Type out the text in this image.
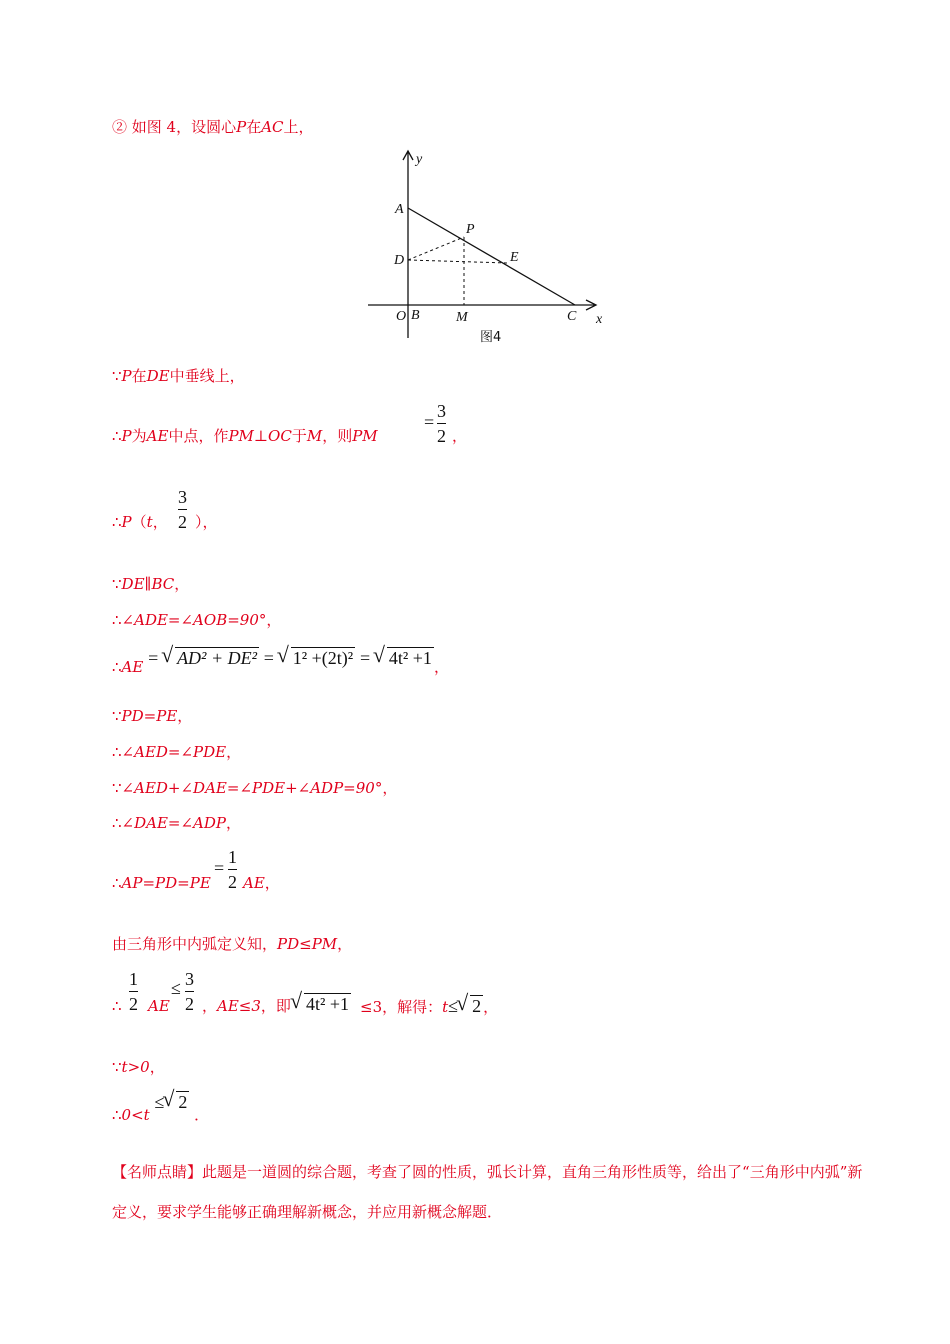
② 如图 4，设圆心P在AC上，
y
x
A
P
D	E
O B	M	C
图4
∵P在DE中垂线上，
∴P为AE中点，作PM⊥OC于M，则PM
=
3
2 ，
∴P（t，
3
2 ），
∵DE∥BC，
∴∠ADE=∠AOB=90°，
∴AE = √ AD² + DE² = √ 1² +(2t)² = √ 4t² +1 ，
∵PD=PE，
∴∠AED=∠PDE，
∵∠AED+∠DAE=∠PDE+∠ADP=90°，
∴∠DAE=∠ADP，
∴AP=PD=PE
=
1
2 AE，
由三角形中内弧定义知，PD≤PM，
∴
1
2 AE
≤ 3
2 ，AE≤3，即 √ 4t² +1 ≤3，解得：t≤ √ 2 ，
∵t>0，
∴0<t ≤ √ 2 ．
【名师点睛】此题是一道圆的综合题，考查了圆的性质，弧长计算，直角三角形性质等，给出了“三角形中内弧”新定义，要求学生能够正确理解新概念，并应用新概念解题．
